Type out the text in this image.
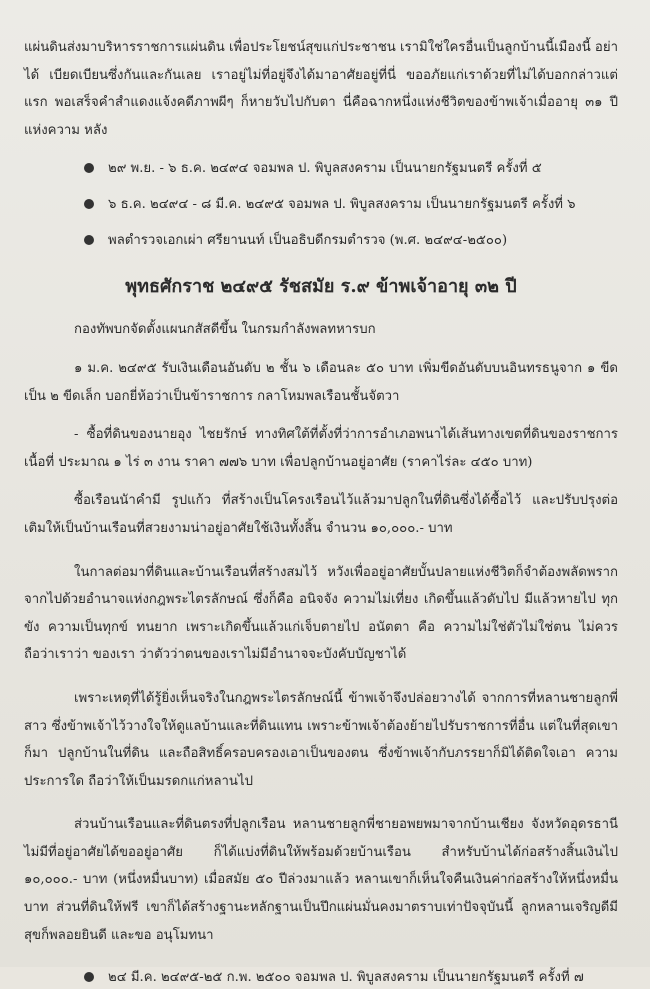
แผ่นดินส่งมาบริหารราชการแผ่นดิน เพื่อประโยชน์สุขแก่ประชาชน เรามิใช่ใครอื่นเป็นลูกบ้านนี้เมืองนี้ อย่าได้ เบียดเบียนซึ่งกันและกันเลย เราอยู่ไม่ที่อยู่จึงได้มาอาศัยอยู่ที่นี่ ขออภัยแก่เราด้วยที่ไม่ได้บอกกล่าวแต่แรก พอเสร็จคำสำแดงแจ้งคดีภาพผีๆ ก็หายวับไปกับตา นี่คือฉากหนึ่งแห่งชีวิตของข้าพเจ้าเมื่ออายุ ๓๑ ปีแห่งความ หลัง

๒๙ พ.ย. - ๖ ธ.ค. ๒๔๙๔ จอมพล ป. พิบูลสงคราม เป็นนายกรัฐมนตรี ครั้งที่ ๕
๖ ธ.ค. ๒๔๙๔ - ๘ มี.ค. ๒๔๙๕ จอมพล ป. พิบูลสงคราม เป็นนายกรัฐมนตรี ครั้งที่ ๖
พลตำรวจเอกเผ่า ศรียานนท์ เป็นอธิบดีกรมตำรวจ (พ.ศ. ๒๔๙๔-๒๕๐๐)
พุทธศักราช ๒๔๙๕ รัชสมัย ร.๙ ข้าพเจ้าอายุ ๓๒ ปี

กองทัพบกจัดตั้งแผนกสัสดีขึ้น ในกรมกำลังพลทหารบก

๑ ม.ค. ๒๔๙๕ รับเงินเดือนอันดับ ๒ ชั้น ๖ เดือนละ ๕๐ บาท เพิ่มขีดอันดับบนอินทรธนูจาก ๑ ขีด เป็น ๒ ขีดเล็ก บอกยี่ห้อว่าเป็นข้าราชการ กลาโหมพลเรือนชั้นจัตวา

- ซื้อที่ดินของนายอุง ไชยรักษ์ ทางทิศใต้ที่ตั้งที่ว่าการอำเภอพนาได้เส้นทางเขตที่ดินของราชการ เนื้อที่ ประมาณ ๑ ไร่ ๓ งาน ราคา ๗๗๖ บาท เพื่อปลูกบ้านอยู่อาศัย (ราคาไร่ละ ๔๕๐ บาท)

ซื้อเรือนนัาคำมี รูปแก้ว ที่สร้างเป็นโครงเรือนไว้แล้วมาปลูกในที่ดินซึ่งได้ซื้อไว้ และปรับปรุงต่อ เติมให้เป็นบ้านเรือนที่สวยงามน่าอยู่อาศัยใช้เงินทั้งสิ้น จำนวน ๑๐,๐๐๐.- บาท

ในกาลต่อมาที่ดินและบ้านเรือนที่สร้างสมไว้ หวังเพื่ออยู่อาศัยบั้นปลายแห่งชีวิตก็จำต้องพลัดพราก จากไปด้วยอำนาจแห่งกฎพระไตรลักษณ์ ซึ่งก็คือ อนิจจัง ความไม่เที่ยง เกิดขึ้นแล้วดับไป มีแล้วหายไป ทุกขัง ความเป็นทุกข์ ทนยาก เพราะเกิดขึ้นแล้วแก่เจ็บตายไป อนัตตา คือ ความไม่ใช่ตัวไม่ใช่ตน ไม่ควรถือว่าเราว่า ของเรา ว่าตัวว่าตนของเราไม่มีอำนาจจะบังคับบัญชาได้

เพราะเหตุที่ได้รู้ยิ่งเห็นจริงในกฎพระไตรลักษณ์นี้ ข้าพเจ้าจึงปล่อยวางได้ จากการที่หลานชายลูกพี่ สาว ซึ่งข้าพเจ้าไว้วางใจให้ดูแลบ้านและที่ดินแทน เพราะข้าพเจ้าต้องย้ายไปรับราชการที่อื่น แต่ในที่สุดเขาก็มา ปลูกบ้านในที่ดิน และถือสิทธิ์ครอบครองเอาเป็นของตน ซึ่งข้าพเจ้ากับภรรยาก็มิได้ติดใจเอา ความประการใด ถือว่าให้เป็นมรดกแก่หลานไป

ส่วนบ้านเรือนและที่ดินตรงที่ปลูกเรือน หลานชายลูกพี่ชายอพยพมาจากบ้านเชียง จังหวัดอุดรธานี ไม่มีที่อยู่อาศัยได้ขออยู่อาศัย ก็ได้แบ่งที่ดินให้พร้อมด้วยบ้านเรือน สำหรับบ้านได้ก่อสร้างสิ้นเงินไป ๑๐,๐๐๐.- บาท (หนึ่งหมื่นบาท) เมื่อสมัย ๕๐ ปีล่วงมาแล้ว หลานเขาก็เห็นใจคืนเงินค่าก่อสร้างให้หนึ่งหมื่นบาท ส่วนที่ดินให้ฟรี เขาก็ได้สร้างฐานะหลักฐานเป็นปึกแผ่นมั่นคงมาตราบเท่าปัจจุบันนี้ ลูกหลานเจริญดีมีสุขก็พลอยยินดี และขอ อนุโมทนา

๒๔ มี.ค. ๒๔๙๕-๒๕ ก.พ. ๒๕๐๐ จอมพล ป. พิบูลสงคราม เป็นนายกรัฐมนตรี ครั้งที่ ๗
